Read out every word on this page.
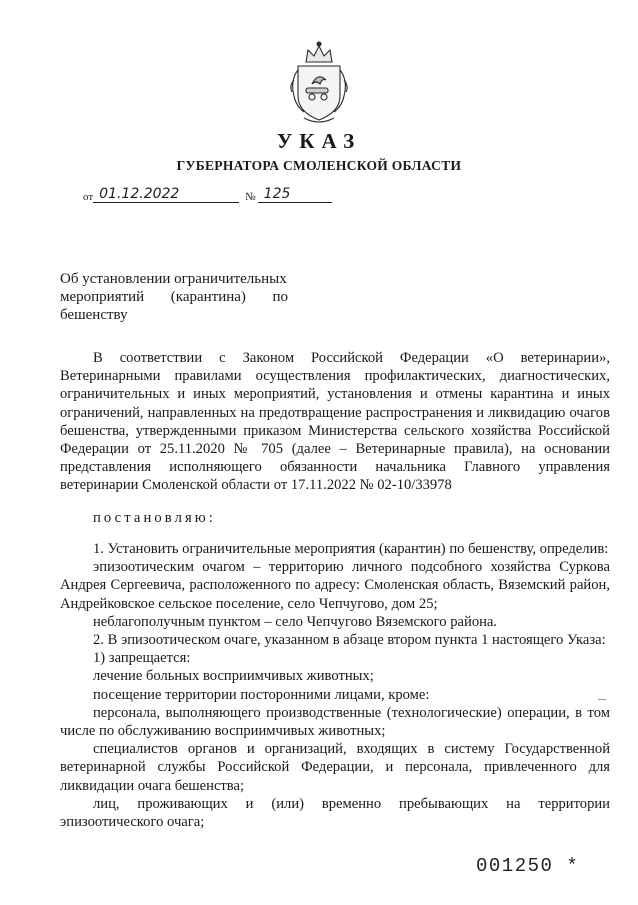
УКАЗ
ГУБЕРНАТОРА СМОЛЕНСКОЙ ОБЛАСТИ
от 01.12.2022	№ 125
Об установлении ограничительных
мероприятий (карантина) по
бешенству

В соответствии с Законом Российской Федерации «О ветеринарии», Ветеринарными правилами осуществления профилактических, диагностических, ограничительных и иных мероприятий, установления и отмены карантина и иных ограничений, направленных на предотвращение распространения и ликвидацию очагов бешенства, утвержденными приказом Министерства сельского хозяйства Российской Федерации от 25.11.2020 № 705 (далее – Ветеринарные правила), на основании представления исполняющего обязанности начальника Главного управления ветеринарии Смоленской области от 17.11.2022 № 02-10/33978

постановляю:

1. Установить ограничительные мероприятия (карантин) по бешенству, определив:

эпизоотическим очагом – территорию личного подсобного хозяйства Суркова Андрея Сергеевича, расположенного по адресу: Смоленская область, Вяземский район, Андрейковское сельское поселение, село Чепчугово, дом 25;

неблагополучным пунктом – село Чепчугово Вяземского района.

2. В эпизоотическом очаге, указанном в абзаце втором пункта 1 настоящего Указа:

1) запрещается:

лечение больных восприимчивых животных;

посещение территории посторонними лицами, кроме:

персонала, выполняющего производственные (технологические) операции, в том числе по обслуживанию восприимчивых животных;

специалистов органов и организаций, входящих в систему Государственной ветеринарной службы Российской Федерации, и персонала, привлеченного для ликвидации очага бешенства;

лиц, проживающих и (или) временно пребывающих на территории эпизоотического очага;

001250 *
